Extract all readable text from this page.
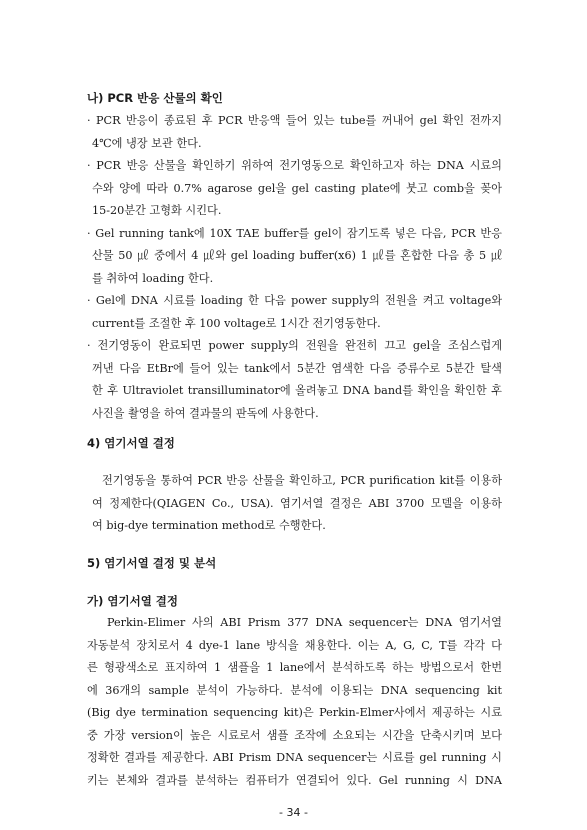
나) PCR 반응 산물의 확인
· PCR 반응이 종료된 후 PCR 반응액 들어 있는 tube를 꺼내어 gel 확인 전까지
4℃에 냉장 보관 한다.
· PCR 반응 산물을 확인하기 위하여 전기영동으로 확인하고자 하는 DNA 시료의
수와 양에 따라 0.7% agarose gel을 gel casting plate에 붓고 comb을 꽂아
15-20분간 고형화 시킨다.
· Gel running tank에 10X TAE buffer를 gel이 잠기도록 넣은 다음, PCR 반응
산물 50 ㎕ 중에서 4 ㎕와 gel loading buffer(x6) 1 ㎕를 혼합한 다음 총 5 ㎕
를 취하여 loading 한다.
· Gel에 DNA 시료를 loading 한 다음 power supply의 전원을 켜고 voltage와
current를 조절한 후 100 voltage로 1시간 전기영동한다.
· 전기영동이 완료되면 power supply의 전원을 완전히 끄고 gel을 조심스럽게
꺼낸 다음 EtBr에 들어 있는 tank에서 5분간 염색한 다음 증류수로 5분간 탈색
한 후 Ultraviolet transilluminator에 올려놓고 DNA band를 확인을 확인한 후
사진을 촬영을 하여 결과물의 판독에 사용한다.
4) 염기서열 결정
전기영동을 통하여 PCR 반응 산물을 확인하고, PCR purification kit를 이용하
여 정제한다(QIAGEN Co., USA). 염기서열 결정은 ABI 3700 모델을 이용하
여 big-dye termination method로 수행한다.
5) 염기서열 결정 및 분석
가) 염기서열 결정
Perkin-Elimer 사의 ABI Prism 377 DNA sequencer는 DNA 염기서열
자동분석 장치로서 4 dye-1 lane 방식을 채용한다. 이는 A, G, C, T를 각각 다
른 형광색소로 표지하여 1 샘플을 1 lane에서 분석하도록 하는 방법으로서 한번
에 36개의 sample 분석이 가능하다. 분석에 이용되는 DNA sequencing kit
(Big dye termination sequencing kit)은 Perkin-Elmer사에서 제공하는 시료
중 가장 version이 높은 시료로서 샘플 조작에 소요되는 시간을 단축시키며 보다
정확한 결과를 제공한다. ABI Prism DNA sequencer는 시료를 gel running 시
키는 본체와 결과를 분석하는 컴퓨터가 연결되어 있다. Gel running 시 DNA
- 34 -
